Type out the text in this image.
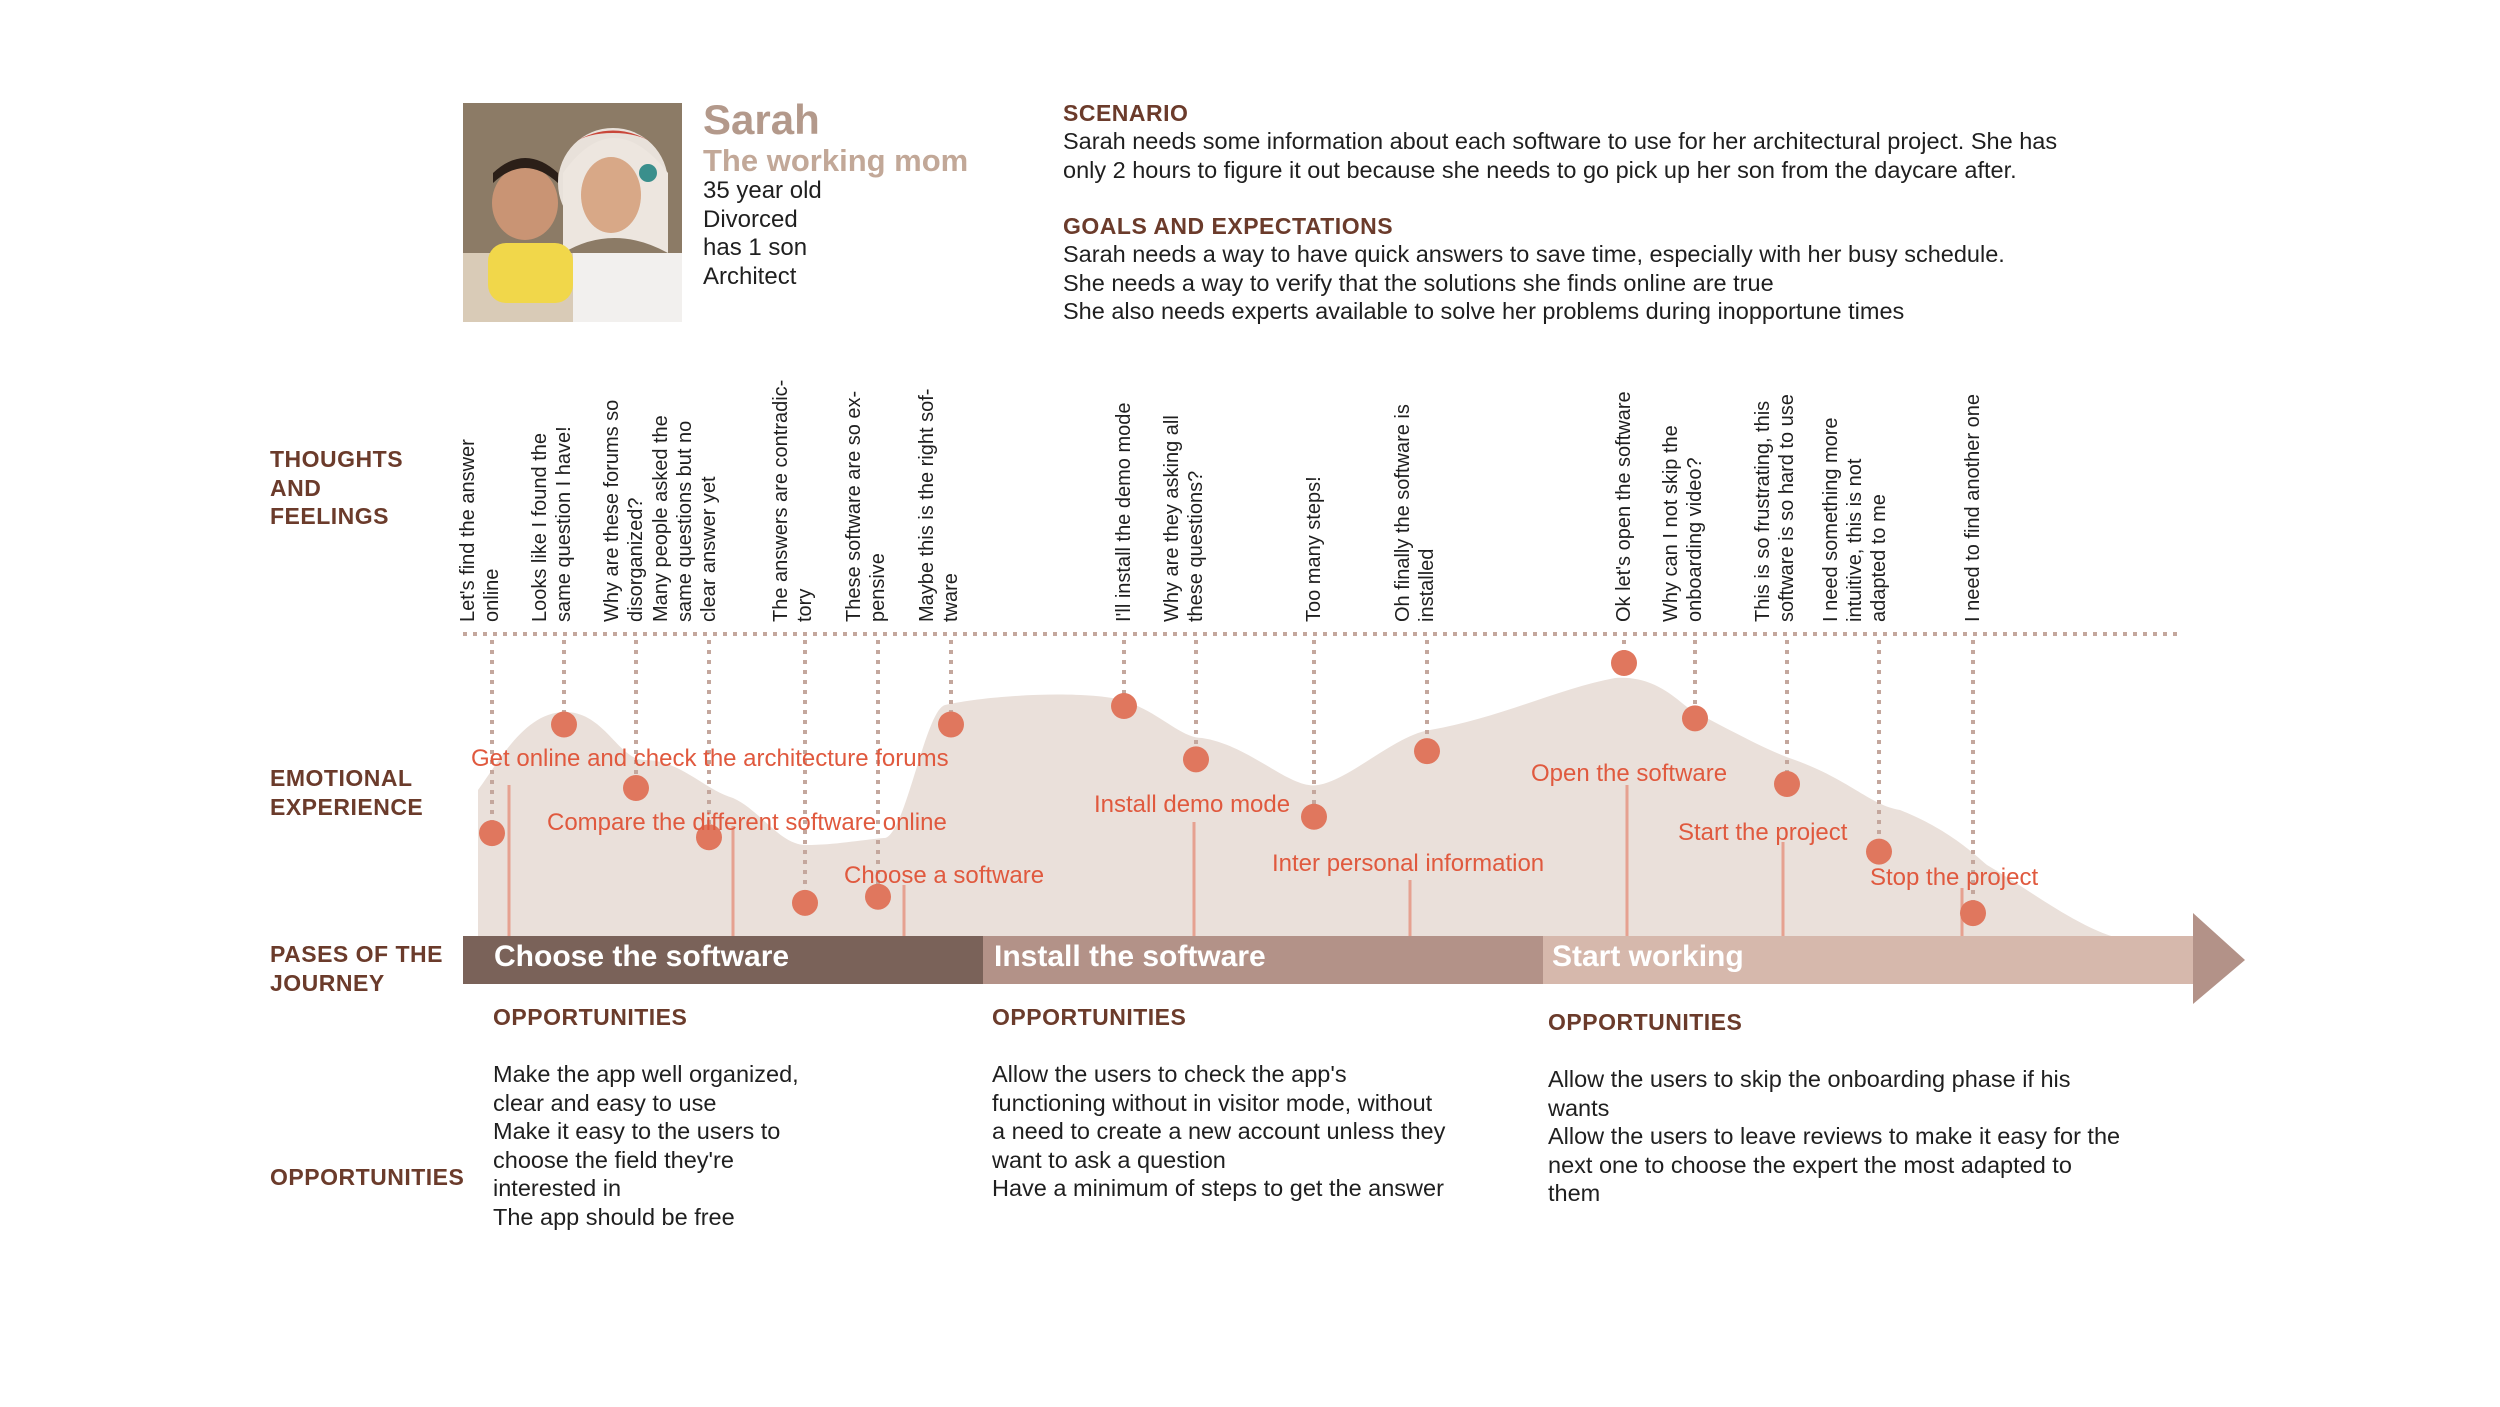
Sarah
The working mom
35 year old
Divorced
has 1 son
Architect
SCENARIO
Sarah needs some information about each software to use for her architectural project. She has
only 2 hours to figure it out because she needs to go pick up her son from the daycare after.
GOALS AND EXPECTATIONS
Sarah needs a way to have quick answers to save time, especially with her busy schedule.
She needs a way to verify that the solutions she finds online are true
She also needs experts available to solve her problems during inopportune times
THOUGHTS
AND
FEELINGS
EMOTIONAL
EXPERIENCE
PASES OF THE
JOURNEY
OPPORTUNITIES
Let's find the answer online Looks like I found the same question I have! Why are these forums so disorganized? Many people asked the same questions but no clear answer yet	The answers are contradic- tory These software are so ex- pensive Maybe this is the right sof- tware	I'll install the demo mode Why are they asking all these questions?	Too many steps!	Oh finally the software is installed	Ok let's open the software Why can I not skip the onboarding video? This is so frustrating, this software is so hard to use I need something more intuitive, this is not adapted to me	I need to find another one
Get online and check the architecture forums
Compare the different software online
Choose a software
Install demo mode
Inter personal information
Open the software
Start the project
Stop the project
Choose the software	Install the software	Start working
OPPORTUNITIES
Make the app well organized,
clear and easy to use
Make it easy to the users to
choose the field they're
interested in
The app should be free
OPPORTUNITIES
Allow the users to check the app's
functioning without in visitor mode, without
a need to create a new account unless they
want to ask a question
Have a minimum of steps to get the answer
OPPORTUNITIES
Allow the users to skip the onboarding phase if his
wants
Allow the users to leave reviews to make it easy for the
next one to choose the expert the most adapted to
them
